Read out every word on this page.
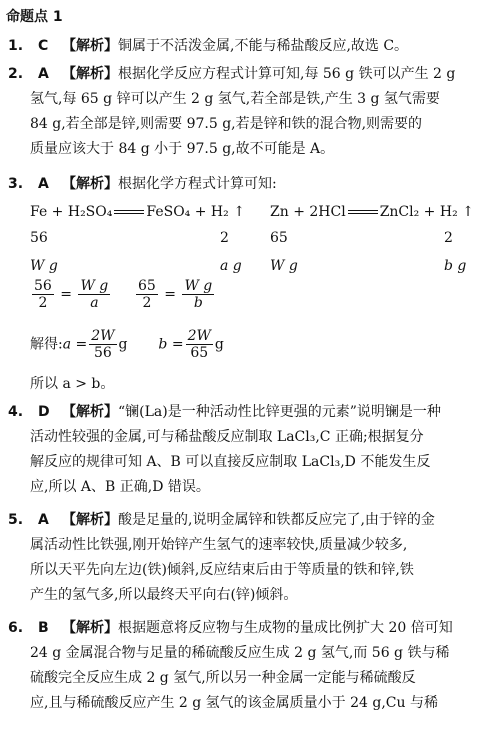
命题点 1
1. C 【解析】铜属于不活泼金属,不能与稀盐酸反应,故选 C。
2. A 【解析】根据化学反应方程式计算可知,每 56 g 铁可以产生 2 g
氢气,每 65 g 锌可以产生 2 g 氢气,若全部是铁,产生 3 g 氢气需要
84 g,若全部是锌,则需要 97.5 g,若是锌和铁的混合物,则需要的
质量应该大于 84 g 小于 97.5 g,故不可能是 A。
3. A 【解析】根据化学方程式计算可知:
Fe + H₂SO₄ FeSO₄ + H₂ ↑ Zn + 2HCl ZnCl₂ + H₂ ↑
56	2	65	2
W g	a g W g	b g
$\frac{56}{2} = \frac{\text{W g}}{a} \frac{65}{2} = \frac{\text{W g}}{b}$
解得:a = $\frac{2W}{56}$ g $b = \frac{2W}{65}$ g
所以 a > b。
4. D 【解析】“镧(La)是一种活动性比锌更强的元素”说明镧是一种
活动性较强的金属,可与稀盐酸反应制取 LaCl₃,C 正确;根据复分
解反应的规律可知 A、B 可以直接反应制取 LaCl₃,D 不能发生反
应,所以 A、B 正确,D 错误。
5. A 【解析】酸是足量的,说明金属锌和铁都反应完了,由于锌的金
属活动性比铁强,刚开始锌产生氢气的速率较快,质量减少较多,
所以天平先向左边(铁)倾斜,反应结束后由于等质量的铁和锌,铁
产生的氢气多,所以最终天平向右(锌)倾斜。
6. B 【解析】根据题意将反应物与生成物的量成比例扩大 20 倍可知
24 g 金属混合物与足量的稀硫酸反应生成 2 g 氢气,而 56 g 铁与稀
硫酸完全反应生成 2 g 氢气,所以另一种金属一定能与稀硫酸反
应,且与稀硫酸反应产生 2 g 氢气的该金属质量小于 24 g,Cu 与稀
